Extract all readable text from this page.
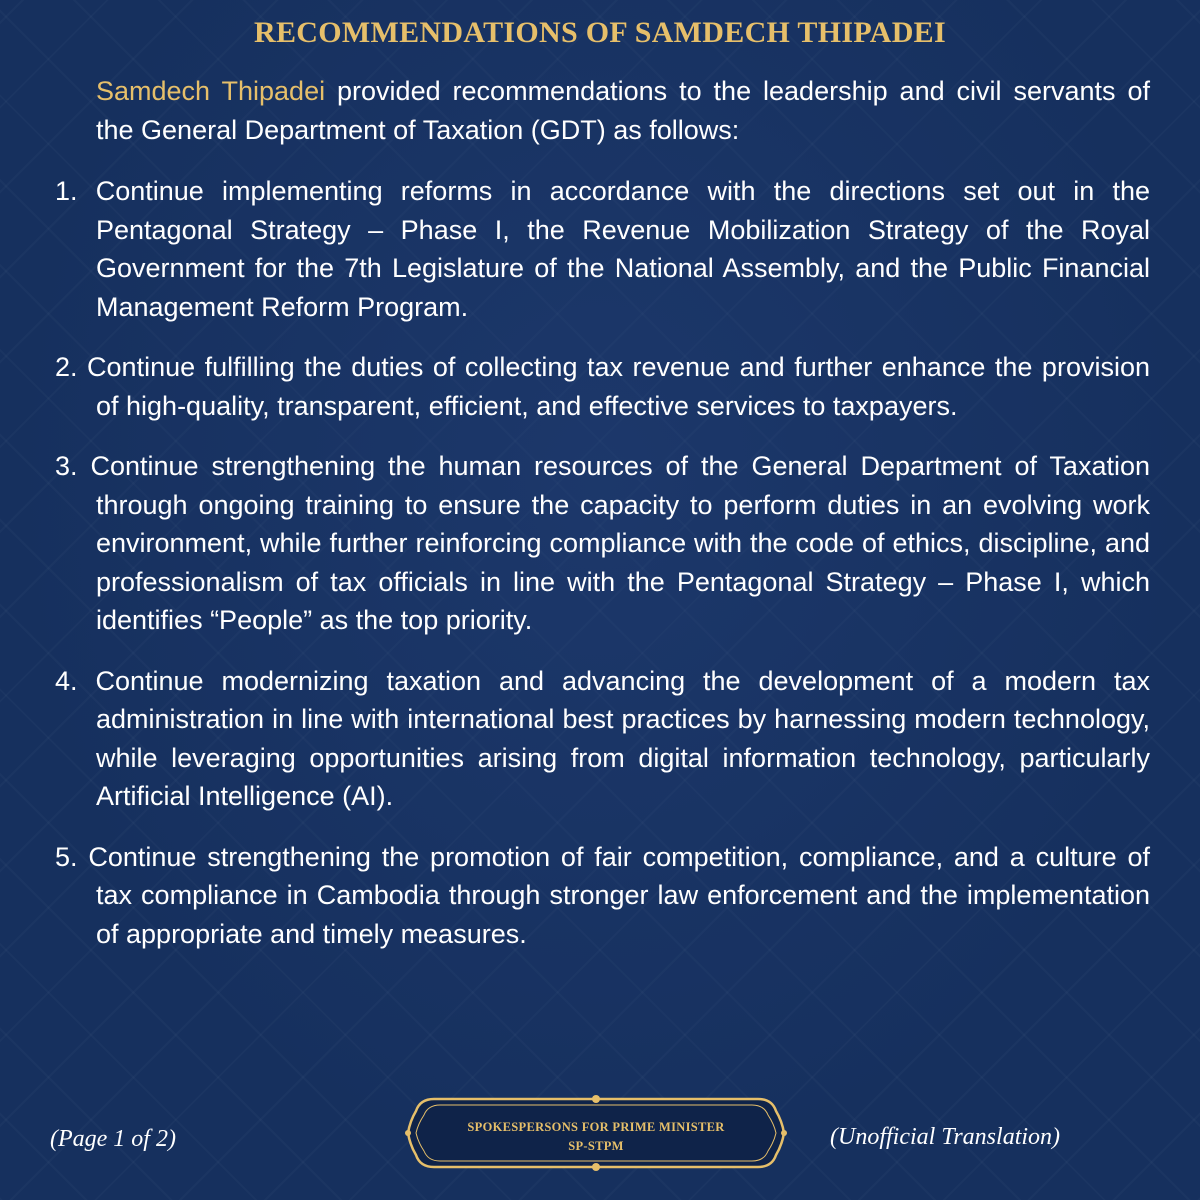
RECOMMENDATIONS OF SAMDECH THIPADEI
Samdech Thipadei provided recommendations to the leadership and civil servants of the General Department of Taxation (GDT) as follows:
1. Continue implementing reforms in accordance with the directions set out in the Pentagonal Strategy – Phase I, the Revenue Mobilization Strategy of the Royal Government for the 7th Legislature of the National Assembly, and the Public Financial Management Reform Program.
2. Continue fulfilling the duties of collecting tax revenue and further enhance the provision of high-quality, transparent, efficient, and effective services to taxpayers.
3. Continue strengthening the human resources of the General Department of Taxation through ongoing training to ensure the capacity to perform duties in an evolving work environment, while further reinforcing compliance with the code of ethics, discipline, and professionalism of tax officials in line with the Pentagonal Strategy – Phase I, which identifies “People” as the top priority.
4. Continue modernizing taxation and advancing the development of a modern tax administration in line with international best practices by harnessing modern technology, while leveraging opportunities arising from digital information technology, particularly Artificial Intelligence (AI).
5. Continue strengthening the promotion of fair competition, compliance, and a culture of tax compliance in Cambodia through stronger law enforcement and the implementation of appropriate and timely measures.
(Page 1 of 2)	SPOKESPERSONS FOR PRIME MINISTER
SP-STPM	(Unofficial Translation)
